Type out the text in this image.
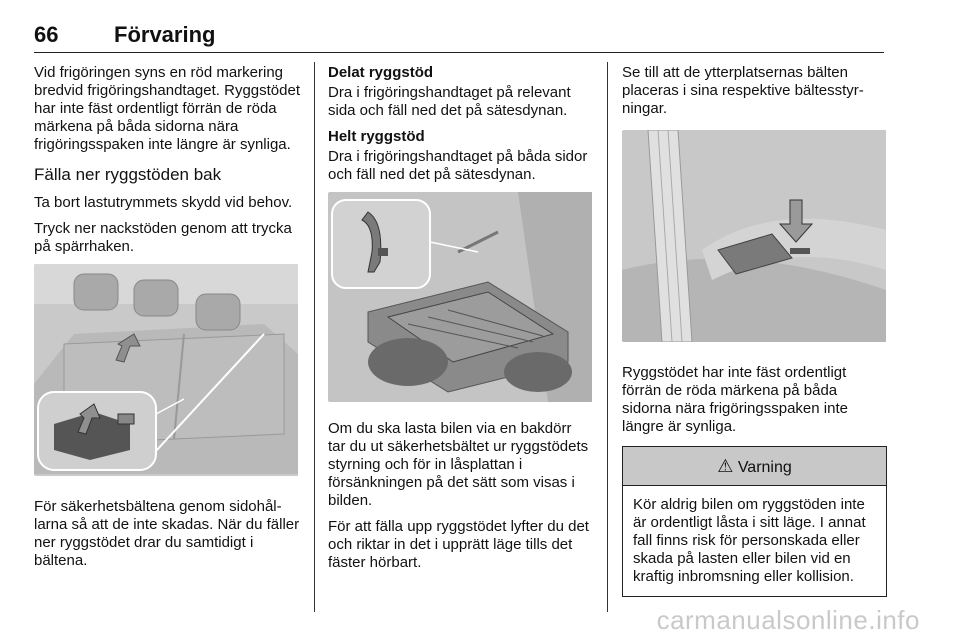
66	Förvaring

Vid frigöringen syns en röd markering bredvid frigöringshandtaget. Ryggstödet har inte fäst ordentligt förrän de röda märkena på båda sidorna nära frigöringsspaken inte längre är synliga.

Fälla ner ryggstöden bak

Ta bort lastutrymmets skydd vid behov.

Tryck ner nackstöden genom att trycka på spärrhaken.

För säkerhetsbältena genom sidohållarna så att de inte skadas. När du fäller ner ryggstödet drar du samtidigt i bältena.

Delat ryggstöd

Dra i frigöringshandtaget på relevant sida och fäll ned det på sätesdynan.

Helt ryggstöd

Dra i frigöringshandtaget på båda sidor och fäll ned det på sätesdynan.

Om du ska lasta bilen via en bakdörr tar du ut säkerhetsbältet ur ryggstödets styrning och för in låsplattan i försänkningen på det sätt som visas i bilden.

För att fälla upp ryggstödet lyfter du det och riktar in det i upprätt läge tills det fäster hörbart.

Se till att de ytterplatsernas bälten placeras i sina respektive bältesstyrningar.

Ryggstödet har inte fäst ordentligt förrän de röda märkena på båda sidorna nära frigöringsspaken inte längre är synliga.

⚠ Varning
Kör aldrig bilen om ryggstöden inte är ordentligt låsta i sitt läge. I annat fall finns risk för personskada eller skada på lasten eller bilen vid en kraftig inbromsning eller kollision.
carmanualsonline.info
